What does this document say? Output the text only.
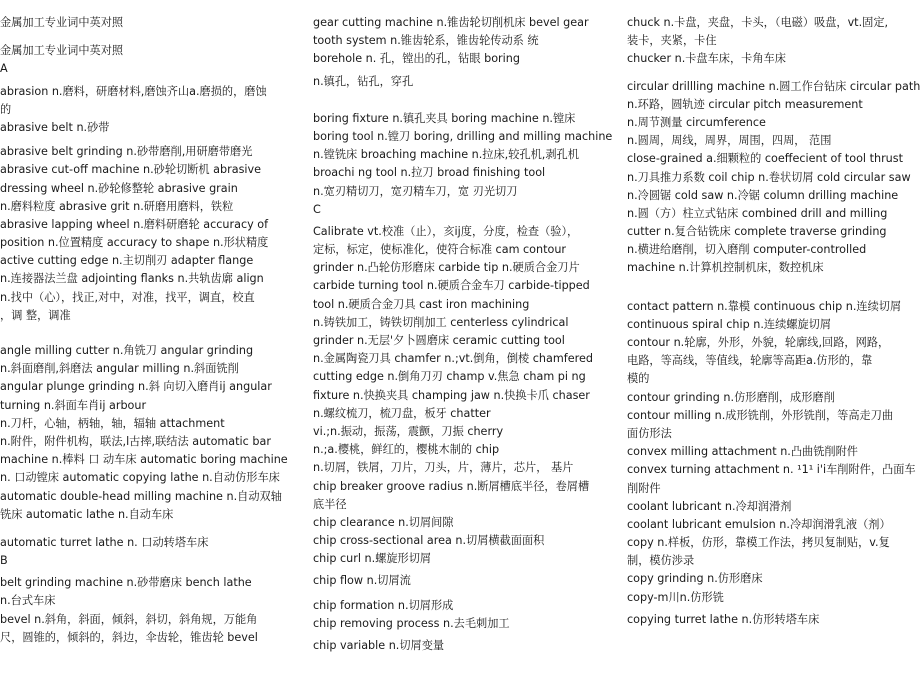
金属加工专业词中英对照
金属加工专业词中英对照
A
abrasion n.磨料，研磨材料,磨蚀齐山a.磨损的，磨蚀
的
abrasive belt n.砂带
abrasive belt grinding n.砂带磨削,用研磨带磨光
abrasive cut-off machine n.砂轮切断机 abrasive
dressing wheel n.砂轮修整轮 abrasive grain
n.磨料粒度 abrasive grit n.研磨用磨料，铁粒
abrasive lapping wheel n.磨料研磨轮 accuracy of
position n.位置精度 accuracy to shape n.形状精度
active cutting edge n.主切削刃 adapter flange
n.连接器法兰盘 adjointing flanks n.共轨齿廓 align
n.找中（心），找正,对中，对准，找平，调直，校直
，调 整，调准
angle milling cutter n.角铣刀 angular grinding
n.斜面磨削,斜磨法 angular milling n.斜面铣削
angular plunge grinding n.斜 向切入磨肖ij angular
turning n.斜面车肖ij arbour
n.刀杆，心轴，柄轴，轴，辐轴 attachment
n.附件，附件机构，联法,l古摔,联结法 automatic bar
machine n.棒料 口 动车床 automatic boring machine
n. 口动镗床 automatic copying lathe n.自动仿形车床
automatic double-head milling machine n.自动双轴
铣床 automatic lathe n.自动车床
automatic turret lathe n. 口动转塔车床
B
belt grinding machine n.砂带磨床 bench lathe
n.台式车床
bevel n.斜角，斜面，倾斜，斜切，斜角规，万能角
尺，圆锥的，倾斜的，斜边，伞齿轮，锥齿轮 bevel
gear cutting machine n.锥齿轮切削机床 bevel gear
tooth system n.锥齿轮系，锥齿轮传动系 统
borehole n. 孔，镗出的孔，钻眼 boring
n.镇孔，钻孔，穿孔
boring fixture n.镇孔夹具 boring machine n.镗床
boring tool n.镗刀 boring, drilling and milling machine
n.镗铣床 broaching machine n.拉床,较孔机,剥孔机
broachi ng tool n.拉刀 broad finishing tool
n.宽刃精切刀，宽刃精车刀，宽 刃光切刀
C
Calibrate vt.校准（止），亥ij度，分度，检查（验），
定标，标定，使标准化，使符合标准 cam contour
grinder n.凸轮仿形磨床 carbide tip n.硬质合金刀片
carbide turning tool n.硬质合金车刀 carbide-tipped
tool n.硬质合金刀具 cast iron machining
n.铸铁加工，铸铁切削加工 centerless cylindrical
grinder n.无层'夕卜圆磨床 ceramic cutting tool
n.金属陶瓷刀具 chamfer n.;vt.倒角，倒棱 chamfered
cutting edge n.倒角刀刃 champ v.焦急 cham pi ng
fixture n.快换夹具 champing jaw n.快换卡爪 chaser
n.螺纹梳刀，梳刀盘，板牙 chatter
vi.;n.振动，振荡，震颤，刀振 cherry
n.;a.樱桃，鲜红的，樱桃木制的 chip
n.切屑，铁屑，刀片，刀头，片，薄片，芯片， 基片
chip breaker groove radius n.断屑槽底半径，卷屑槽
底半径
chip clearance n.切屑间隙
chip cross-sectional area n.切屑横截面面积
chip curl n.螺旋形切屑
chip flow n.切屑流
chip formation n.切屑形成
chip removing process n.去毛刺加工
chip variable n.切屑变量
chuck n.卡盘，夹盘，卡头，（电磁）吸盘，vt.固定,
装卡，夹紧，卡住
chucker n.卡盘车床，卡角车床
circular drillling machine n.圆工作台钻床 circular path
n.环路，圆轨迹 circular pitch measurement
n.周节测量 circumference
n.圆周，周线，周界，周围，四周， 范围
close-grained a.细颗粒的 coeffecient of tool thrust
n.刀具推力系数 coil chip n.卷状切屑 cold circular saw
n.冷圆锯 cold saw n.冷锯 column drilling machine
n.圆（方）柱立式钻床 combined drill and milling
cutter n.复合钻铣床 complete traverse grinding
n.横进给磨削，切入磨削 computer-controlled
machine n.计算机控制机床，数控机床
contact pattern n.靠模 continuous chip n.连续切屑
continuous spiral chip n.连续螺旋切屑
contour n.轮廓，外形，外貌，轮廓线,回路，网路，
电路，等高线，等值线，轮廓等高距a.仿形的，靠
模的
contour grinding n.仿形磨削，成形磨削
contour milling n.成形铣削，外形铣削，等高走刀曲
面仿形法
convex milling attachment n.凸曲铣削附件
convex turning attachment n. ¹1¹ i'i车削附件，凸面车
削附件
coolant lubricant n.冷却润滑剂
coolant lubricant emulsion n.冷却润滑乳液（剂）
copy n.样板，仿形，靠模工作法，拷贝复制贴，v.复
制，模仿渉录
copy grinding n.仿形磨床
copy-m川n.仿形铣
copying turret lathe n.仿形转塔车床
